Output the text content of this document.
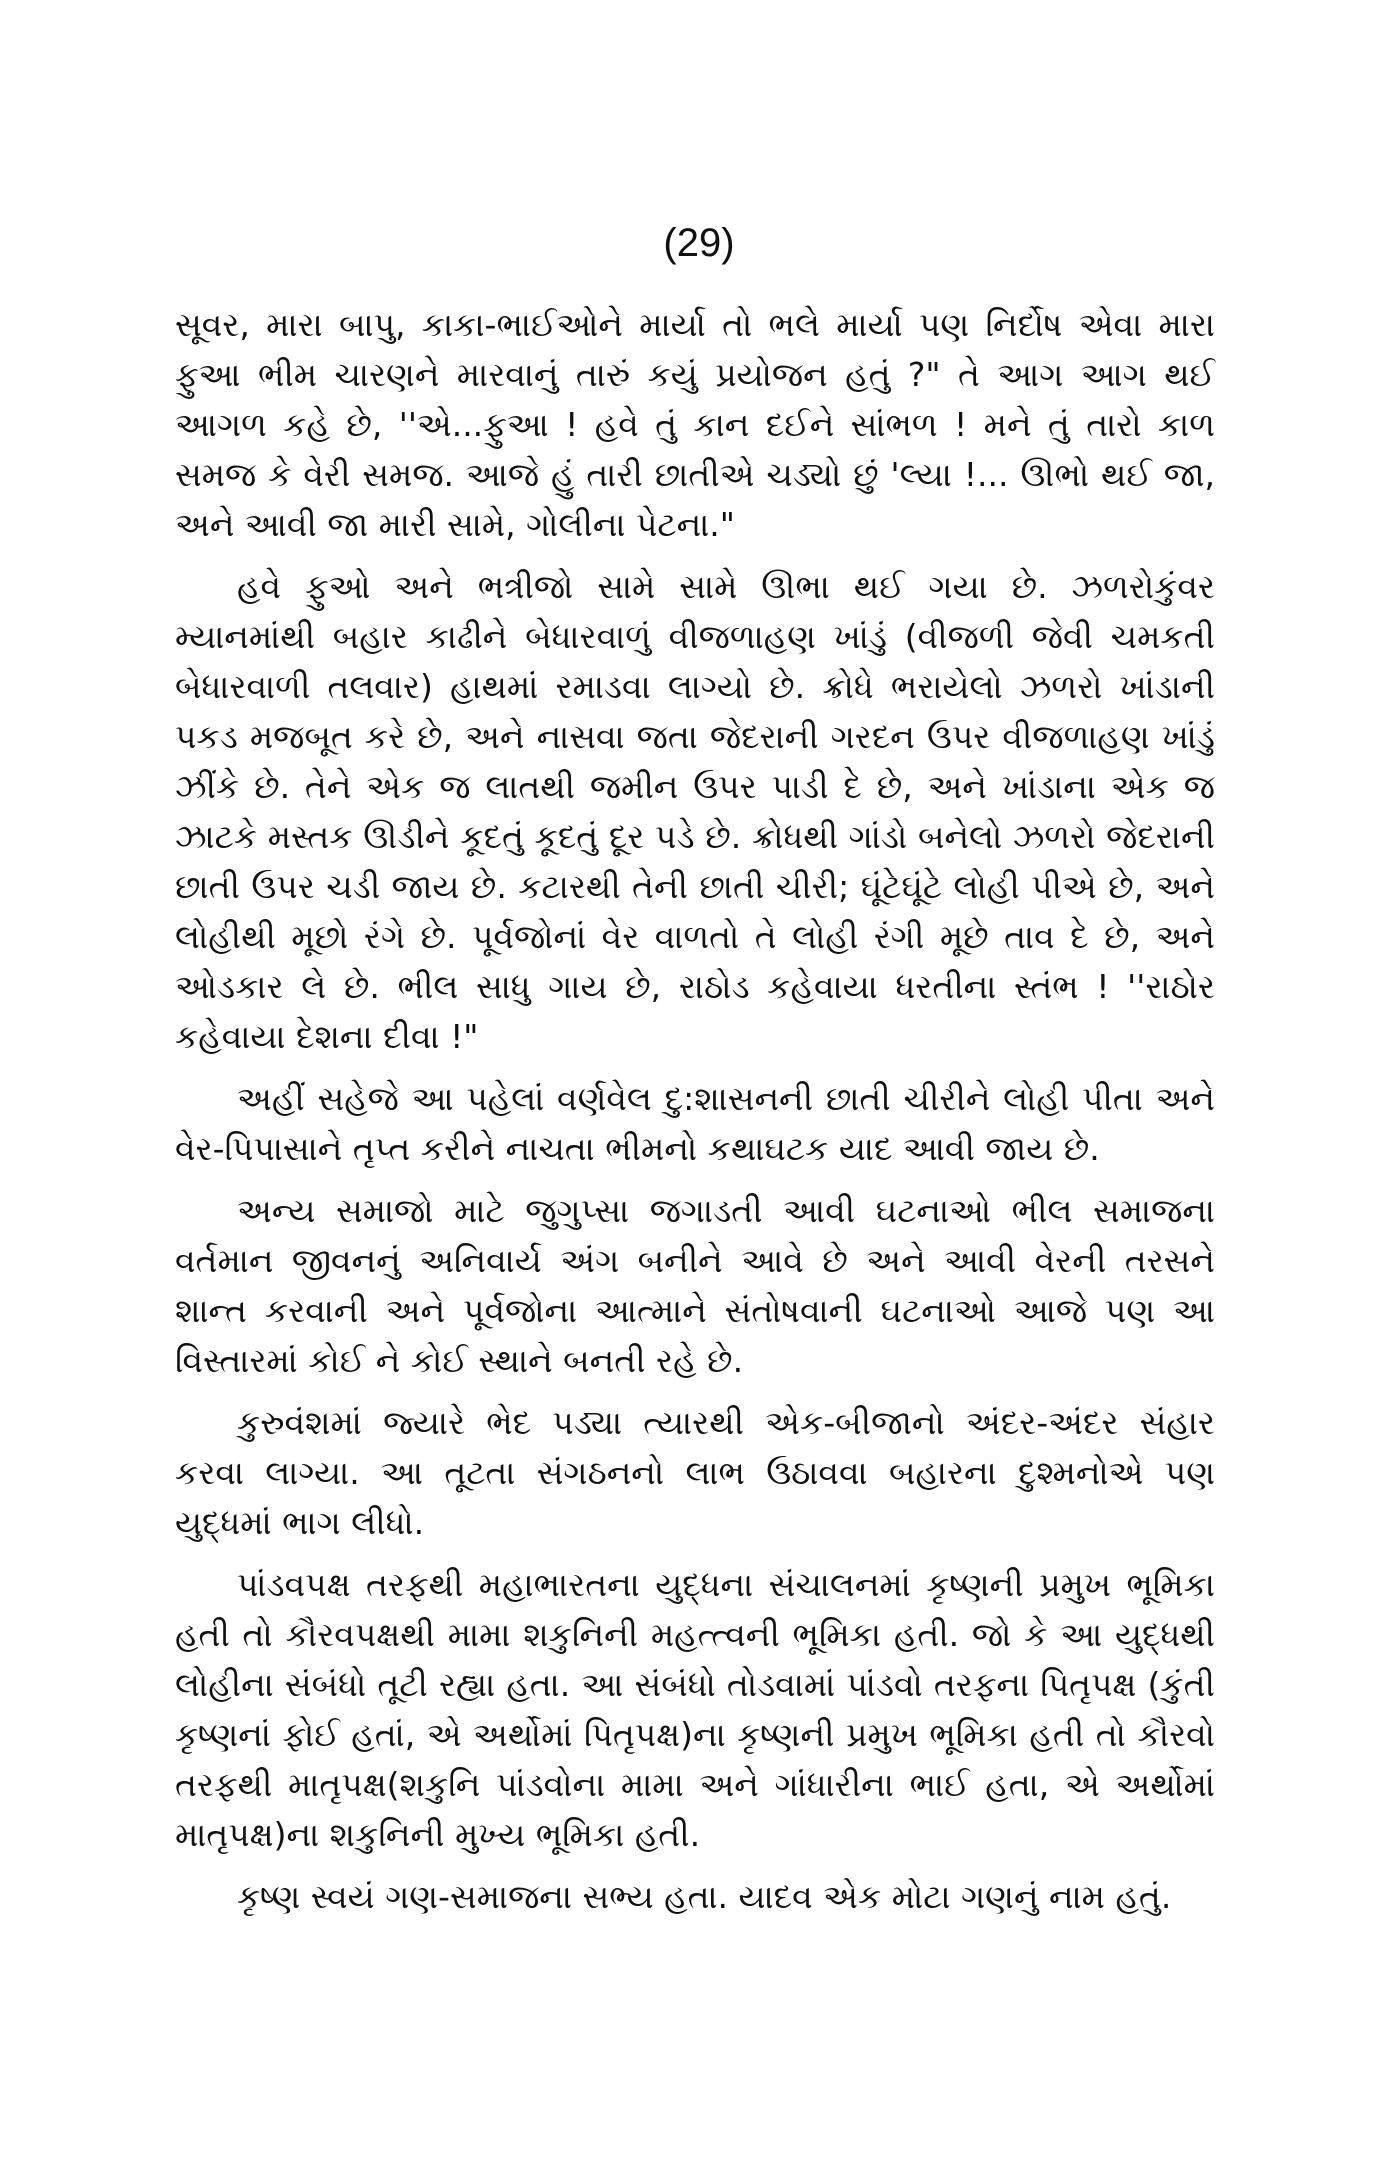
(29)

સૂવર, મારા બાપુ, કાકા-ભાઈઓને માર્યા તો ભલે માર્યા પણ નિર્દોષ એવા મારા ફુઆ ભીમ ચારણને મારવાનું તારું કયું પ્રયોજન હતું ?" તે આગ આગ થઈ આગળ કહે છે, ''એ...ફુઆ ! હવે તું કાન દઈને સાંભળ ! મને તું તારો કાળ સમજ કે વેરી સમજ. આજે હું તારી છાતીએ ચડ્યો છું 'લ્યા !... ઊભો થઈ જા, અને આવી જા મારી સામે, ગોલીના પેટના."

હવે ફુઓ અને ભત્રીજો સામે સામે ઊભા થઈ ગયા છે. ઝળરોકુંવર મ્યાનમાંથી બહાર કાઢીને બેધારવાળું વીજળાહણ ખાંડું (વીજળી જેવી ચમકતી બેધારવાળી તલવાર) હાથમાં રમાડવા લાગ્યો છે. ક્રોધે ભરાયેલો ઝળરો ખાંડાની પકડ મજબૂત કરે છે, અને નાસવા જતા જેદરાની ગરદન ઉપર વીજળાહણ ખાંડું ઝીંકે છે. તેને એક જ લાતથી જમીન ઉપર પાડી દે છે, અને ખાંડાના એક જ ઝાટકે મસ્તક ઊડીને કૂદતું કૂદતું દૂર પડે છે. ક્રોધથી ગાંડો બનેલો ઝળરો જેદરાની છાતી ઉપર ચડી જાય છે. કટારથી તેની છાતી ચીરી; ઘૂંટેઘૂંટે લોહી પીએ છે, અને લોહીથી મૂછો રંગે છે. પૂર્વજોનાં વેર વાળતો તે લોહી રંગી મૂછે તાવ દે છે, અને ઓડકાર લે છે. ભીલ સાધુ ગાય છે, રાઠોડ કહેવાયા ધરતીના સ્તંભ ! ''રાઠોર કહેવાયા દેશના દીવા !"

અહીં સહેજે આ પહેલાં વર્ણવેલ દુ:શાસનની છાતી ચીરીને લોહી પીતા અને વેર-પિપાસાને તૃપ્ત કરીને નાચતા ભીમનો કથાઘટક યાદ આવી જાય છે.

અન્ય સમાજો માટે જુગુપ્સા જગાડતી આવી ઘટનાઓ ભીલ સમાજના વર્તમાન જીવનનું અનિવાર્ય અંગ બનીને આવે છે અને આવી વેરની તરસને શાન્ત કરવાની અને પૂર્વજોના આત્માને સંતોષવાની ઘટનાઓ આજે પણ આ વિસ્તારમાં કોઈ ને કોઈ સ્થાને બનતી રહે છે.

કુરુવંશમાં જ્યારે ભેદ પડ્યા ત્યારથી એક-બીજાનો અંદર-અંદર સંહાર કરવા લાગ્યા. આ તૂટતા સંગઠનનો લાભ ઉઠાવવા બહારના દુશ્મનોએ પણ યુદ્ધમાં ભાગ લીધો.

પાંડવપક્ષ તરફથી મહાભારતના યુદ્ધના સંચાલનમાં કૃષ્ણની પ્રમુખ ભૂમિકા હતી તો કૌરવપક્ષથી મામા શકુનિની મહત્ત્વની ભૂમિકા હતી. જો કે આ યુદ્ધથી લોહીના સંબંધો તૂટી રહ્યા હતા. આ સંબંધો તોડવામાં પાંડવો તરફના પિતૃપક્ષ (કુંતી કૃષ્ણનાં ફોઈ હતાં, એ અર્થોમાં પિતૃપક્ષ)ના કૃષ્ણની પ્રમુખ ભૂમિકા હતી તો કૌરવો તરફથી માતૃપક્ષ(શકુનિ પાંડવોના મામા અને ગાંધારીના ભાઈ હતા, એ અર્થોમાં માતૃપક્ષ)ના શકુનિની મુખ્ય ભૂમિકા હતી.

કૃષ્ણ સ્વયં ગણ-સમાજના સભ્ય હતા. યાદવ એક મોટા ગણનું નામ હતું.
